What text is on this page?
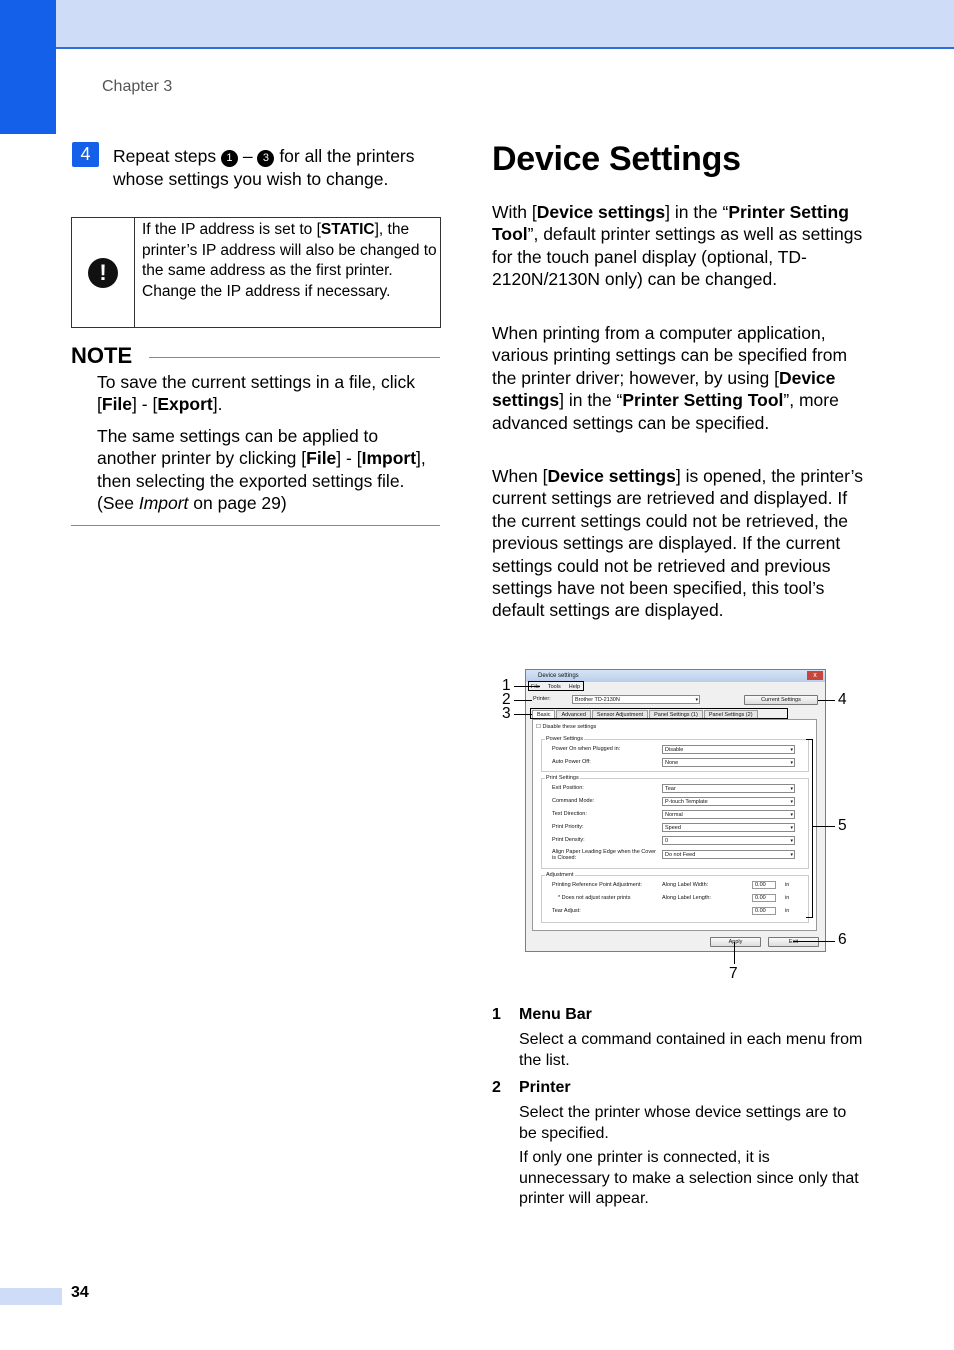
Chapter 3
4	Repeat steps 1 – 3 for all the printers whose settings you wish to change.
!
If the IP address is set to [STATIC], the printer’s IP address will also be changed to the same address as the first printer.
Change the IP address if necessary.
NOTE
To save the current settings in a file, click [File] - [Export].
The same settings can be applied to another printer by clicking [File] - [Import], then selecting the exported settings file. (See Import on page 29)
Device Settings
With [Device settings] in the “Printer Setting Tool”, default printer settings as well as settings for the touch panel display (optional, TD-2120N/2130N only) can be changed.
When printing from a computer application, various printing settings can be specified from the printer driver; however, by using [Device settings] in the “Printer Setting Tool”, more advanced settings can be specified.
When [Device settings] is opened, the printer’s current settings are retrieved and displayed. If the current settings could not be retrieved, the previous settings are displayed. If the current settings could not be retrieved and previous settings have not been specified, this tool’s default settings are displayed.
Device settings	x
File Tools Help
Printer:	Brother TD-2130N ▾	Current Settings
Basic	Advanced	Sensor Adjustment	Panel Settings (1)	Panel Settings (2)
☐ Disable these settings
Power Settings
Power On when Plugged in:	Disable ▾
Auto Power Off:	None ▾
Print Settings
Exit Position:	Tear ▾
Command Mode:	P-touch Template ▾
Text Direction:	Normal ▾
Print Priority:	Speed ▾
Print Density:	0 ▾
Align Paper Leading Edge when the Cover is Closed:	Do not Feed ▾
Adjustment
Printing Reference Point Adjustment:
* Does not adjust raster prints
Along Label Width:	0.00	in
Along Label Length:	0.00	in
Tear Adjust:	0.00	in
Apply	Exit
1
2
3
4
5
6
7
1 Menu Bar
Select a command contained in each menu from the list.
2 Printer
Select the printer whose device settings are to be specified.
If only one printer is connected, it is unnecessary to make a selection since only that printer will appear.
34
